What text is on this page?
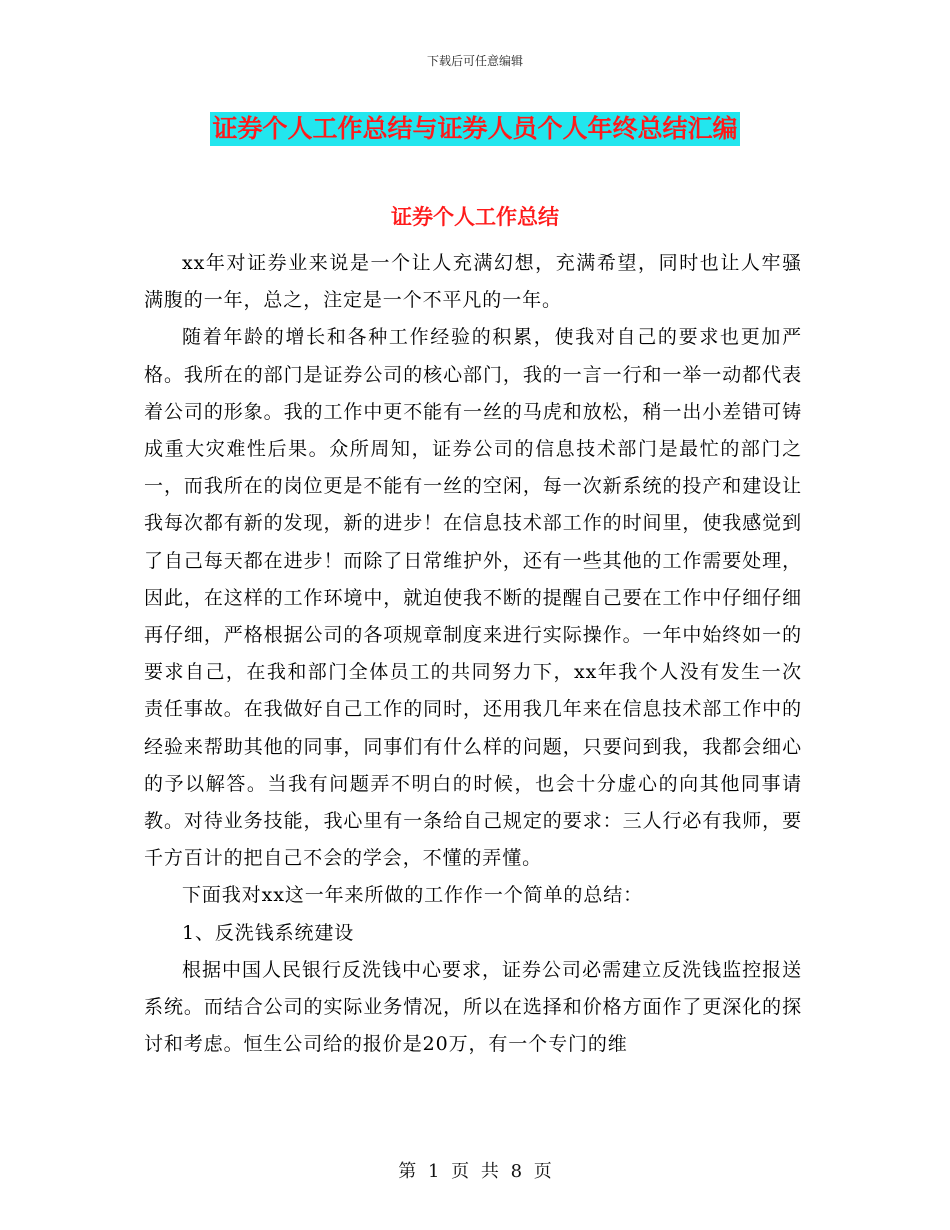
下载后可任意编辑
证券个人工作总结与证券人员个人年终总结汇编
证券个人工作总结

xx年对证券业来说是一个让人充满幻想，充满希望，同时也让人牢骚满腹的一年，总之，注定是一个不平凡的一年。

随着年龄的增长和各种工作经验的积累，使我对自己的要求也更加严格。我所在的部门是证券公司的核心部门，我的一言一行和一举一动都代表着公司的形象。我的工作中更不能有一丝的马虎和放松，稍一出小差错可铸成重大灾难性后果。众所周知，证券公司的信息技术部门是最忙的部门之一，而我所在的岗位更是不能有一丝的空闲，每一次新系统的投产和建设让我每次都有新的发现，新的进步！在信息技术部工作的时间里，使我感觉到了自己每天都在进步！而除了日常维护外，还有一些其他的工作需要处理，因此，在这样的工作环境中，就迫使我不断的提醒自己要在工作中仔细仔细再仔细，严格根据公司的各项规章制度来进行实际操作。一年中始终如一的要求自己，在我和部门全体员工的共同努力下，xx年我个人没有发生一次责任事故。在我做好自己工作的同时，还用我几年来在信息技术部工作中的经验来帮助其他的同事，同事们有什么样的问题，只要问到我，我都会细心的予以解答。当我有问题弄不明白的时候，也会十分虚心的向其他同事请教。对待业务技能，我心里有一条给自己规定的要求：三人行必有我师，要千方百计的把自己不会的学会，不懂的弄懂。

下面我对xx这一年来所做的工作作一个简单的总结：

1、反洗钱系统建设

根据中国人民银行反洗钱中心要求，证券公司必需建立反洗钱监控报送系统。而结合公司的实际业务情况，所以在选择和价格方面作了更深化的探讨和考虑。恒生公司给的报价是20万，有一个专门的维

第 1 页 共 8 页
